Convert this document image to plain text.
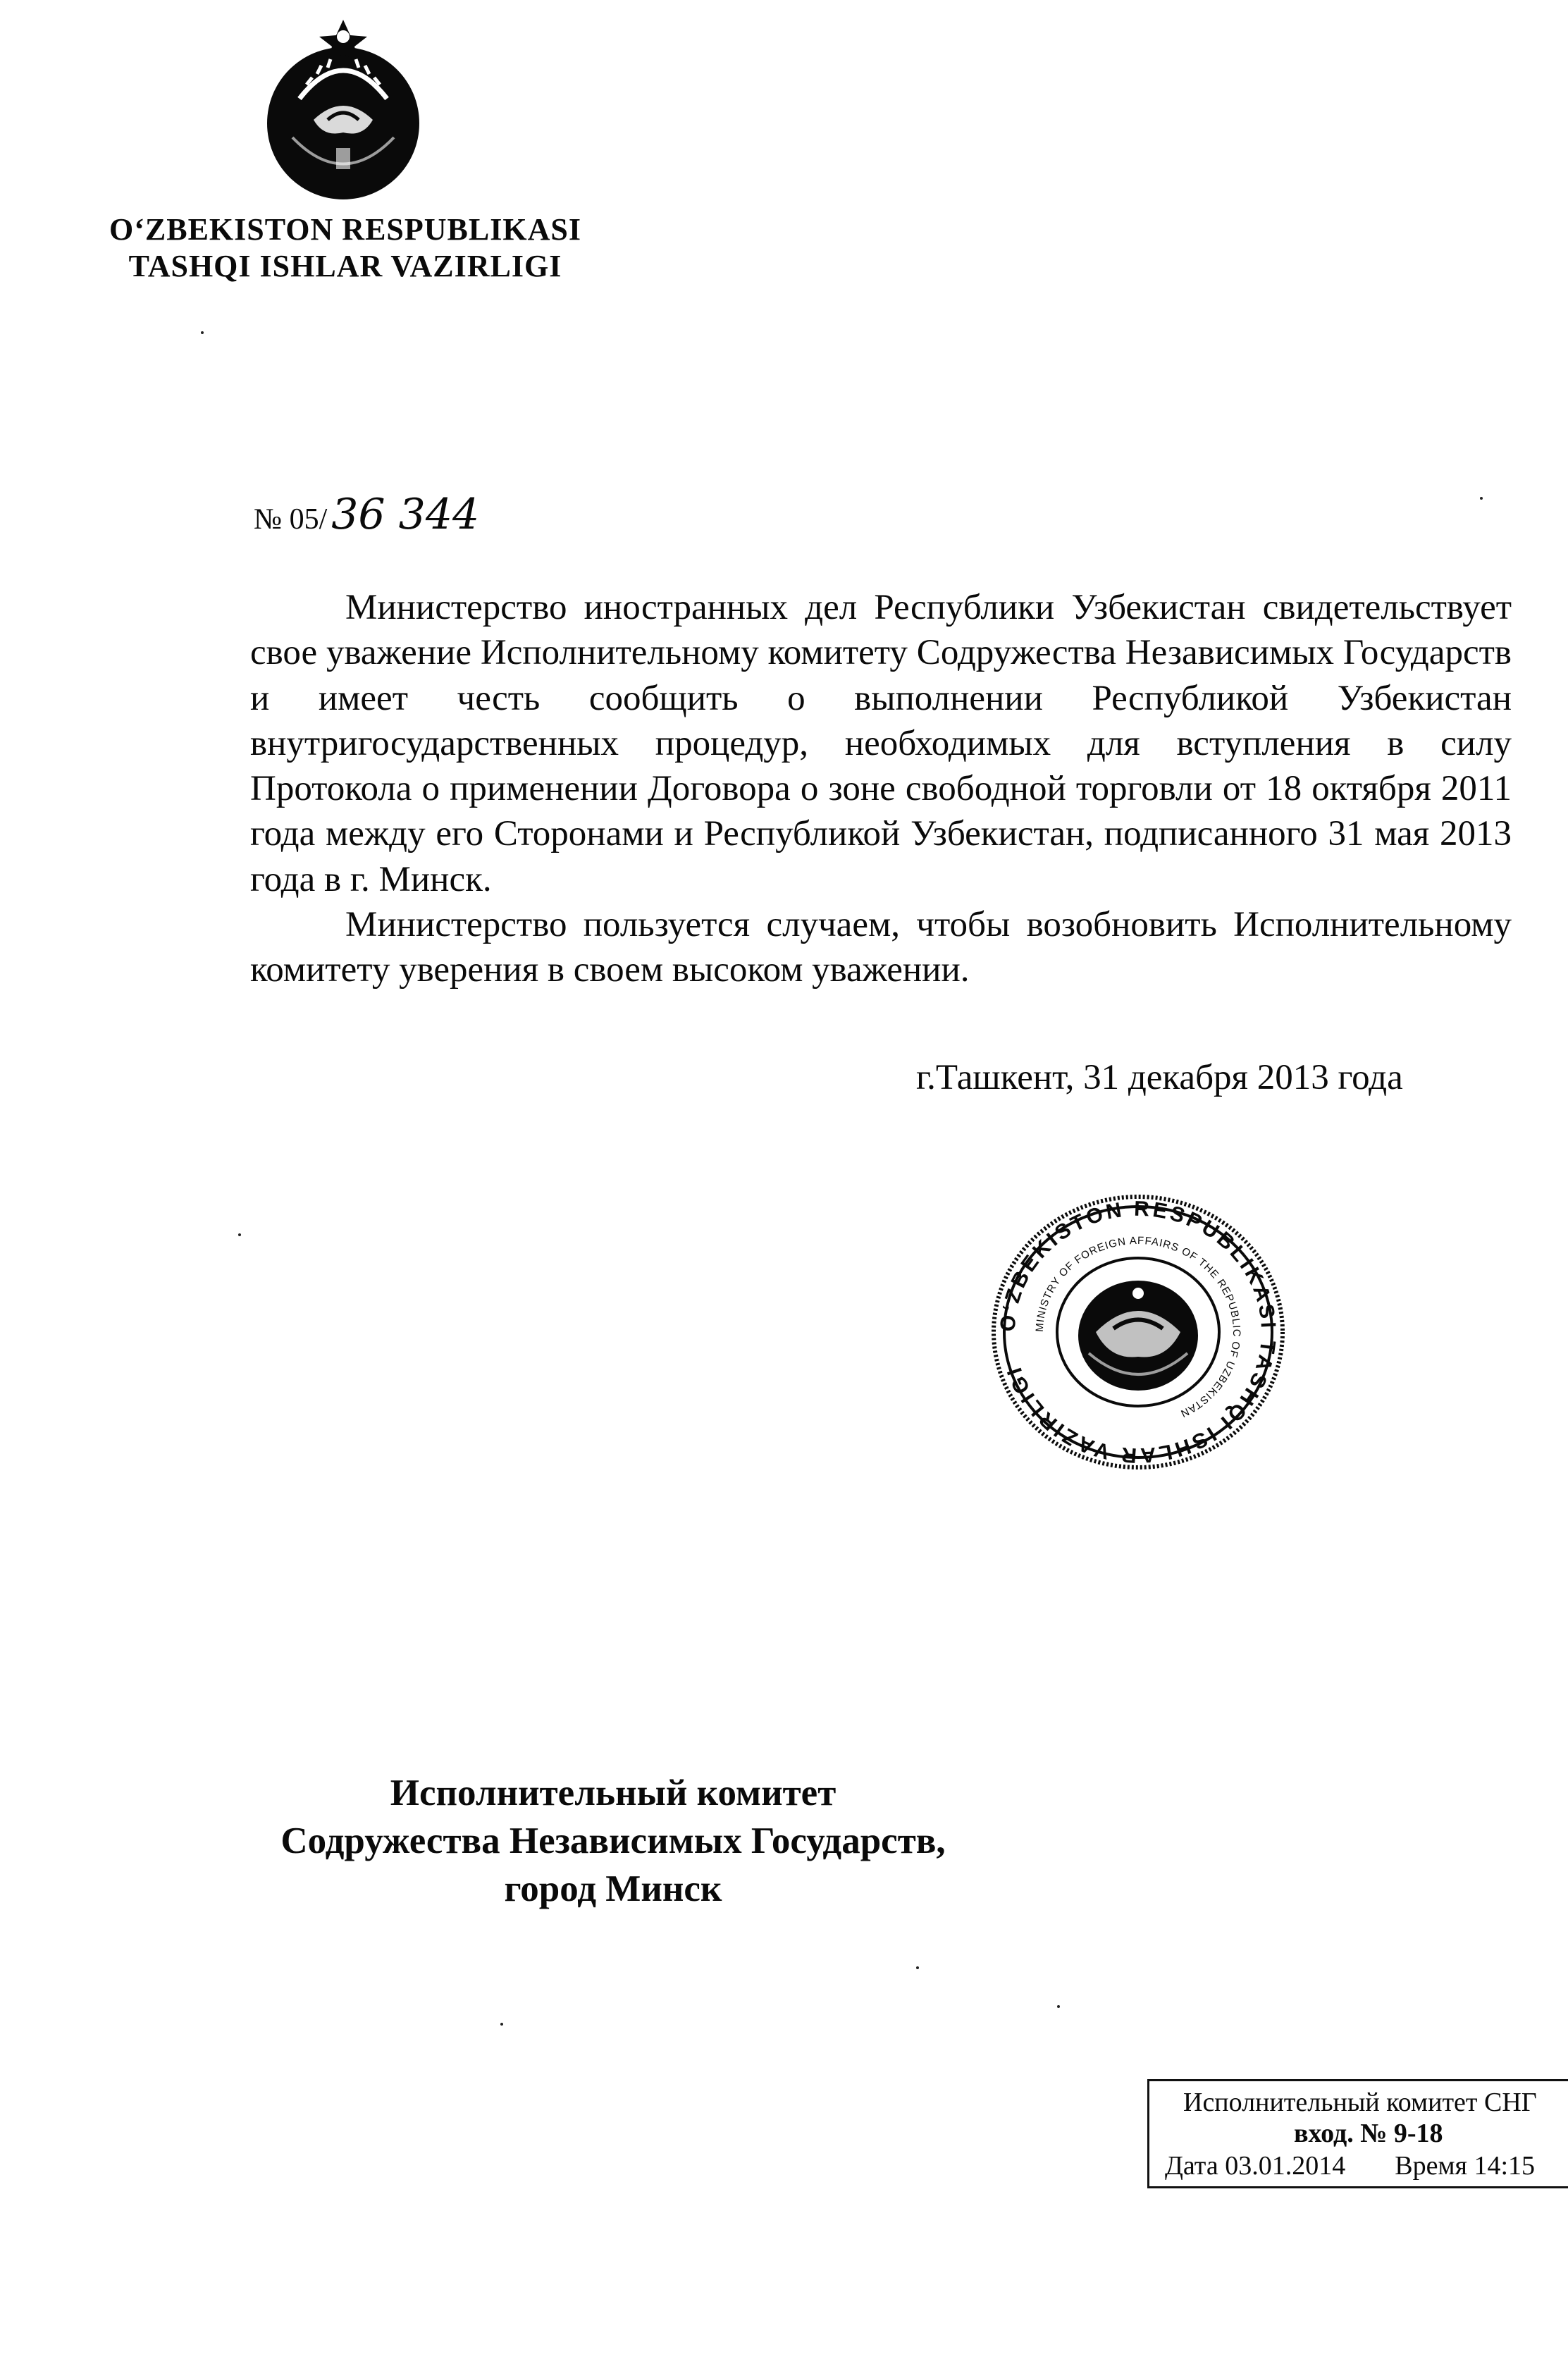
O‘ZBEKISTON RESPUBLIKASI
TASHQI ISHLAR VAZIRLIGI
№ 05/ 36 344

Министерство иностранных дел Республики Узбекистан свидетельствует свое уважение Исполнительному комитету Содружества Независимых Государств и имеет честь сообщить о выполнении Республикой Узбекистан внутригосударственных процедур, необходимых для вступления в силу Протокола о применении Договора о зоне свободной торговли от 18 октября 2011 года между его Сторонами и Республикой Узбекистан, подписанного 31 мая 2013 года в г. Минск.

Министерство пользуется случаем, чтобы возобновить Исполнительному комитету уверения в своем высоком уважении.

г.Ташкент, 31 декабря 2013 года
O‘ZBEKISTON RESPUBLIKASI TASHQI ISHLAR VAZIRLIGI
MINISTRY OF FOREIGN AFFAIRS OF THE REPUBLIC OF UZBEKISTAN
Исполнительный комитет
Содружества Независимых Государств,
город Минск
Исполнительный комитет СНГ
вход. № 9-18
Дата 03.01.2014 Время 14:15
